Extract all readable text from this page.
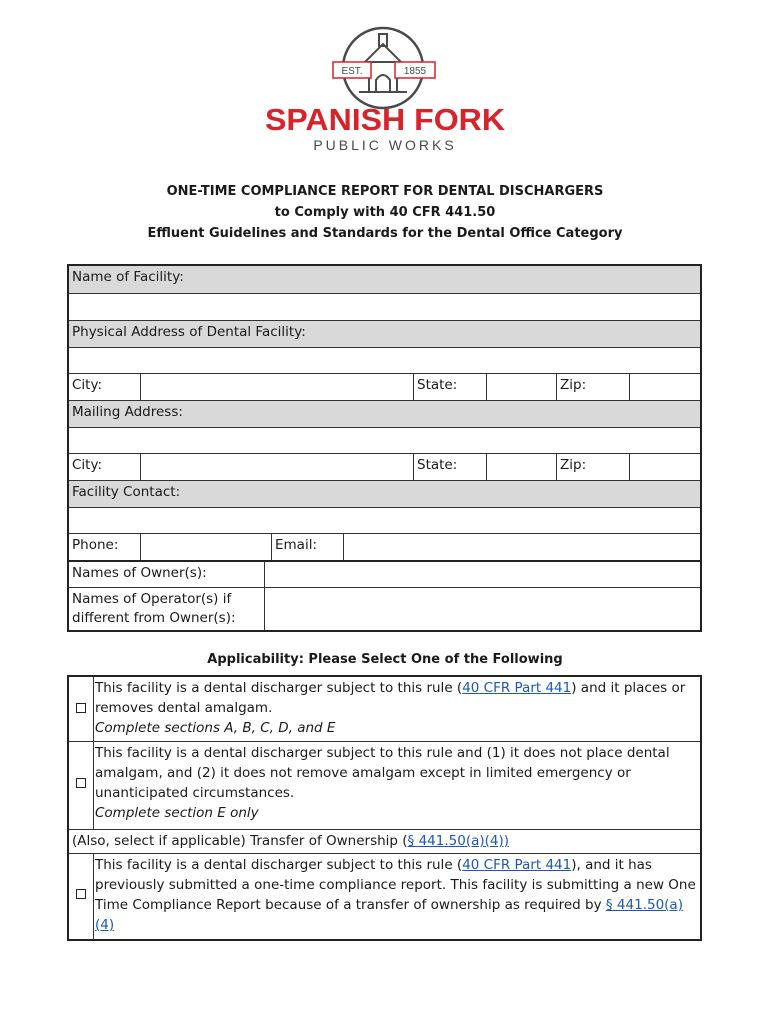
EST.	1855
SPANISH FORK
PUBLIC WORKS
ONE-TIME COMPLIANCE REPORT FOR DENTAL DISCHARGERS
to Comply with 40 CFR 441.50
Effluent Guidelines and Standards for the Dental Office Category
Name of Facility:
Physical Address of Dental Facility:
City:	State:	Zip:
Mailing Address:
City:	State:	Zip:
Facility Contact:
Phone:	Email:
Names of Owner(s):
Names of Operator(s) if
different from Owner(s):
Applicability: Please Select One of the Following
This facility is a dental discharger subject to this rule (40 CFR Part 441) and it places or removes dental amalgam.
Complete sections A, B, C, D, and E
This facility is a dental discharger subject to this rule and (1) it does not place dental amalgam, and (2) it does not remove amalgam except in limited emergency or unanticipated circumstances.
Complete section E only
(Also, select if applicable) Transfer of Ownership (§ 441.50(a)(4))
This facility is a dental discharger subject to this rule (40 CFR Part 441), and it has previously submitted a one-time compliance report. This facility is submitting a new One Time Compliance Report because of a transfer of ownership as required by § 441.50(a)(4)
